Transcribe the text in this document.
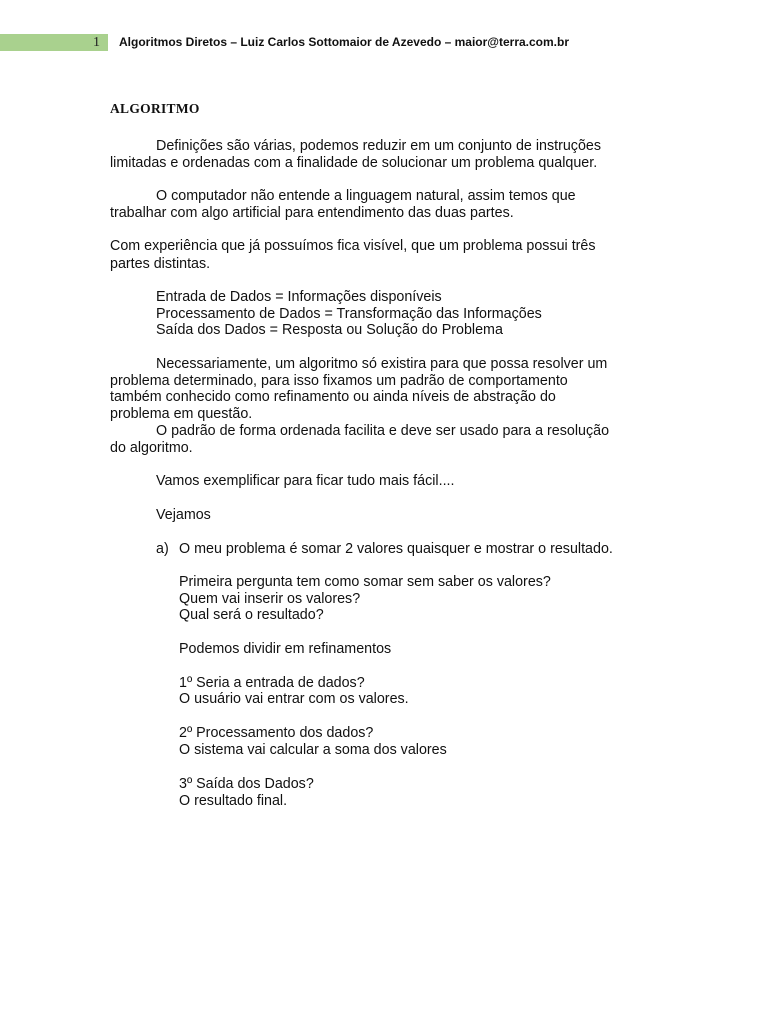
1 Algoritmos Diretos – Luiz Carlos Sottomaior de Azevedo – maior@terra.com.br
ALGORITMO
Definições são várias, podemos reduzir em um conjunto de instruções
limitadas e ordenadas com a finalidade de solucionar um problema qualquer.
O computador não entende a linguagem natural, assim temos que
trabalhar com algo artificial para entendimento das duas partes.
Com experiência que já possuímos fica visível, que um problema possui três
partes distintas.
Entrada de Dados = Informações disponíveis
Processamento de Dados = Transformação das Informações
Saída dos Dados = Resposta ou Solução do Problema
Necessariamente, um algoritmo só existira para que possa resolver um
problema determinado, para isso fixamos um padrão de comportamento
também conhecido como refinamento ou ainda níveis de abstração do
problema em questão.
O padrão de forma ordenada facilita e deve ser usado para a resolução
do algoritmo.
Vamos exemplificar para ficar tudo mais fácil....
Vejamos
a) O meu problema é somar 2 valores quaisquer e mostrar o resultado.
Primeira pergunta tem como somar sem saber os valores?
Quem vai inserir os valores?
Qual será o resultado?
Podemos dividir em refinamentos
1º Seria a entrada de dados?
O usuário vai entrar com os valores.
2º Processamento dos dados?
O sistema vai calcular a soma dos valores
3º Saída dos Dados?
O resultado final.
